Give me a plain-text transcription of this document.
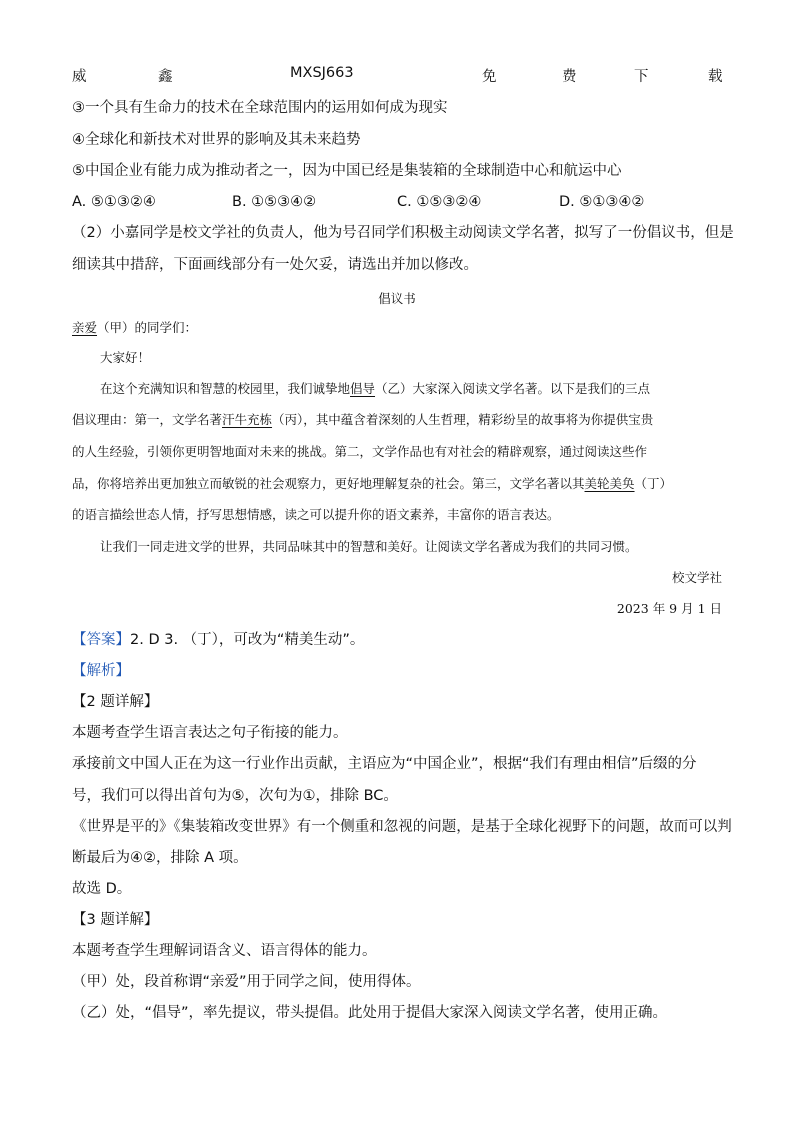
威	鑫	MXSJ663	免	费	下	载
③一个具有生命力的技术在全球范围内的运用如何成为现实
④全球化和新技术对世界的影响及其未来趋势
⑤中国企业有能力成为推动者之一，因为中国已经是集装箱的全球制造中心和航运中心
A. ⑤①③②④	B. ①⑤③④②	C. ①⑤③②④	D. ⑤①③④②
（2）小嘉同学是校文学社的负责人，他为号召同学们积极主动阅读文学名著，拟写了一份倡议书，但是
细读其中措辞，下面画线部分有一处欠妥，请选出并加以修改。
倡议书
亲爱（甲）的同学们：
大家好！
在这个充满知识和智慧的校园里，我们诚挚地倡导（乙）大家深入阅读文学名著。以下是我们的三点
倡议理由：第一，文学名著汗牛充栋（丙），其中蕴含着深刻的人生哲理，精彩纷呈的故事将为你提供宝贵
的人生经验，引领你更明智地面对未来的挑战。第二，文学作品也有对社会的精辟观察，通过阅读这些作
品，你将培养出更加独立而敏锐的社会观察力，更好地理解复杂的社会。第三，文学名著以其美轮美奂（丁）
的语言描绘世态人情，抒写思想情感，读之可以提升你的语文素养，丰富你的语言表达。
让我们一同走进文学的世界，共同品味其中的智慧和美好。让阅读文学名著成为我们的共同习惯。
校文学社
2023 年 9 月 1 日
【答案】2. D 3. （丁），可改为“精美生动”。
【解析】
【2 题详解】
本题考查学生语言表达之句子衔接的能力。
承接前文中国人正在为这一行业作出贡献，主语应为“中国企业”，根据“我们有理由相信”后缀的分
号，我们可以得出首句为⑤，次句为①，排除 BC。
《世界是平的》《集装箱改变世界》有一个侧重和忽视的问题，是基于全球化视野下的问题，故而可以判
断最后为④②，排除 A 项。
故选 D。
【3 题详解】
本题考查学生理解词语含义、语言得体的能力。
（甲）处，段首称谓“亲爱”用于同学之间，使用得体。
（乙）处，“倡导”，率先提议，带头提倡。此处用于提倡大家深入阅读文学名著，使用正确。
